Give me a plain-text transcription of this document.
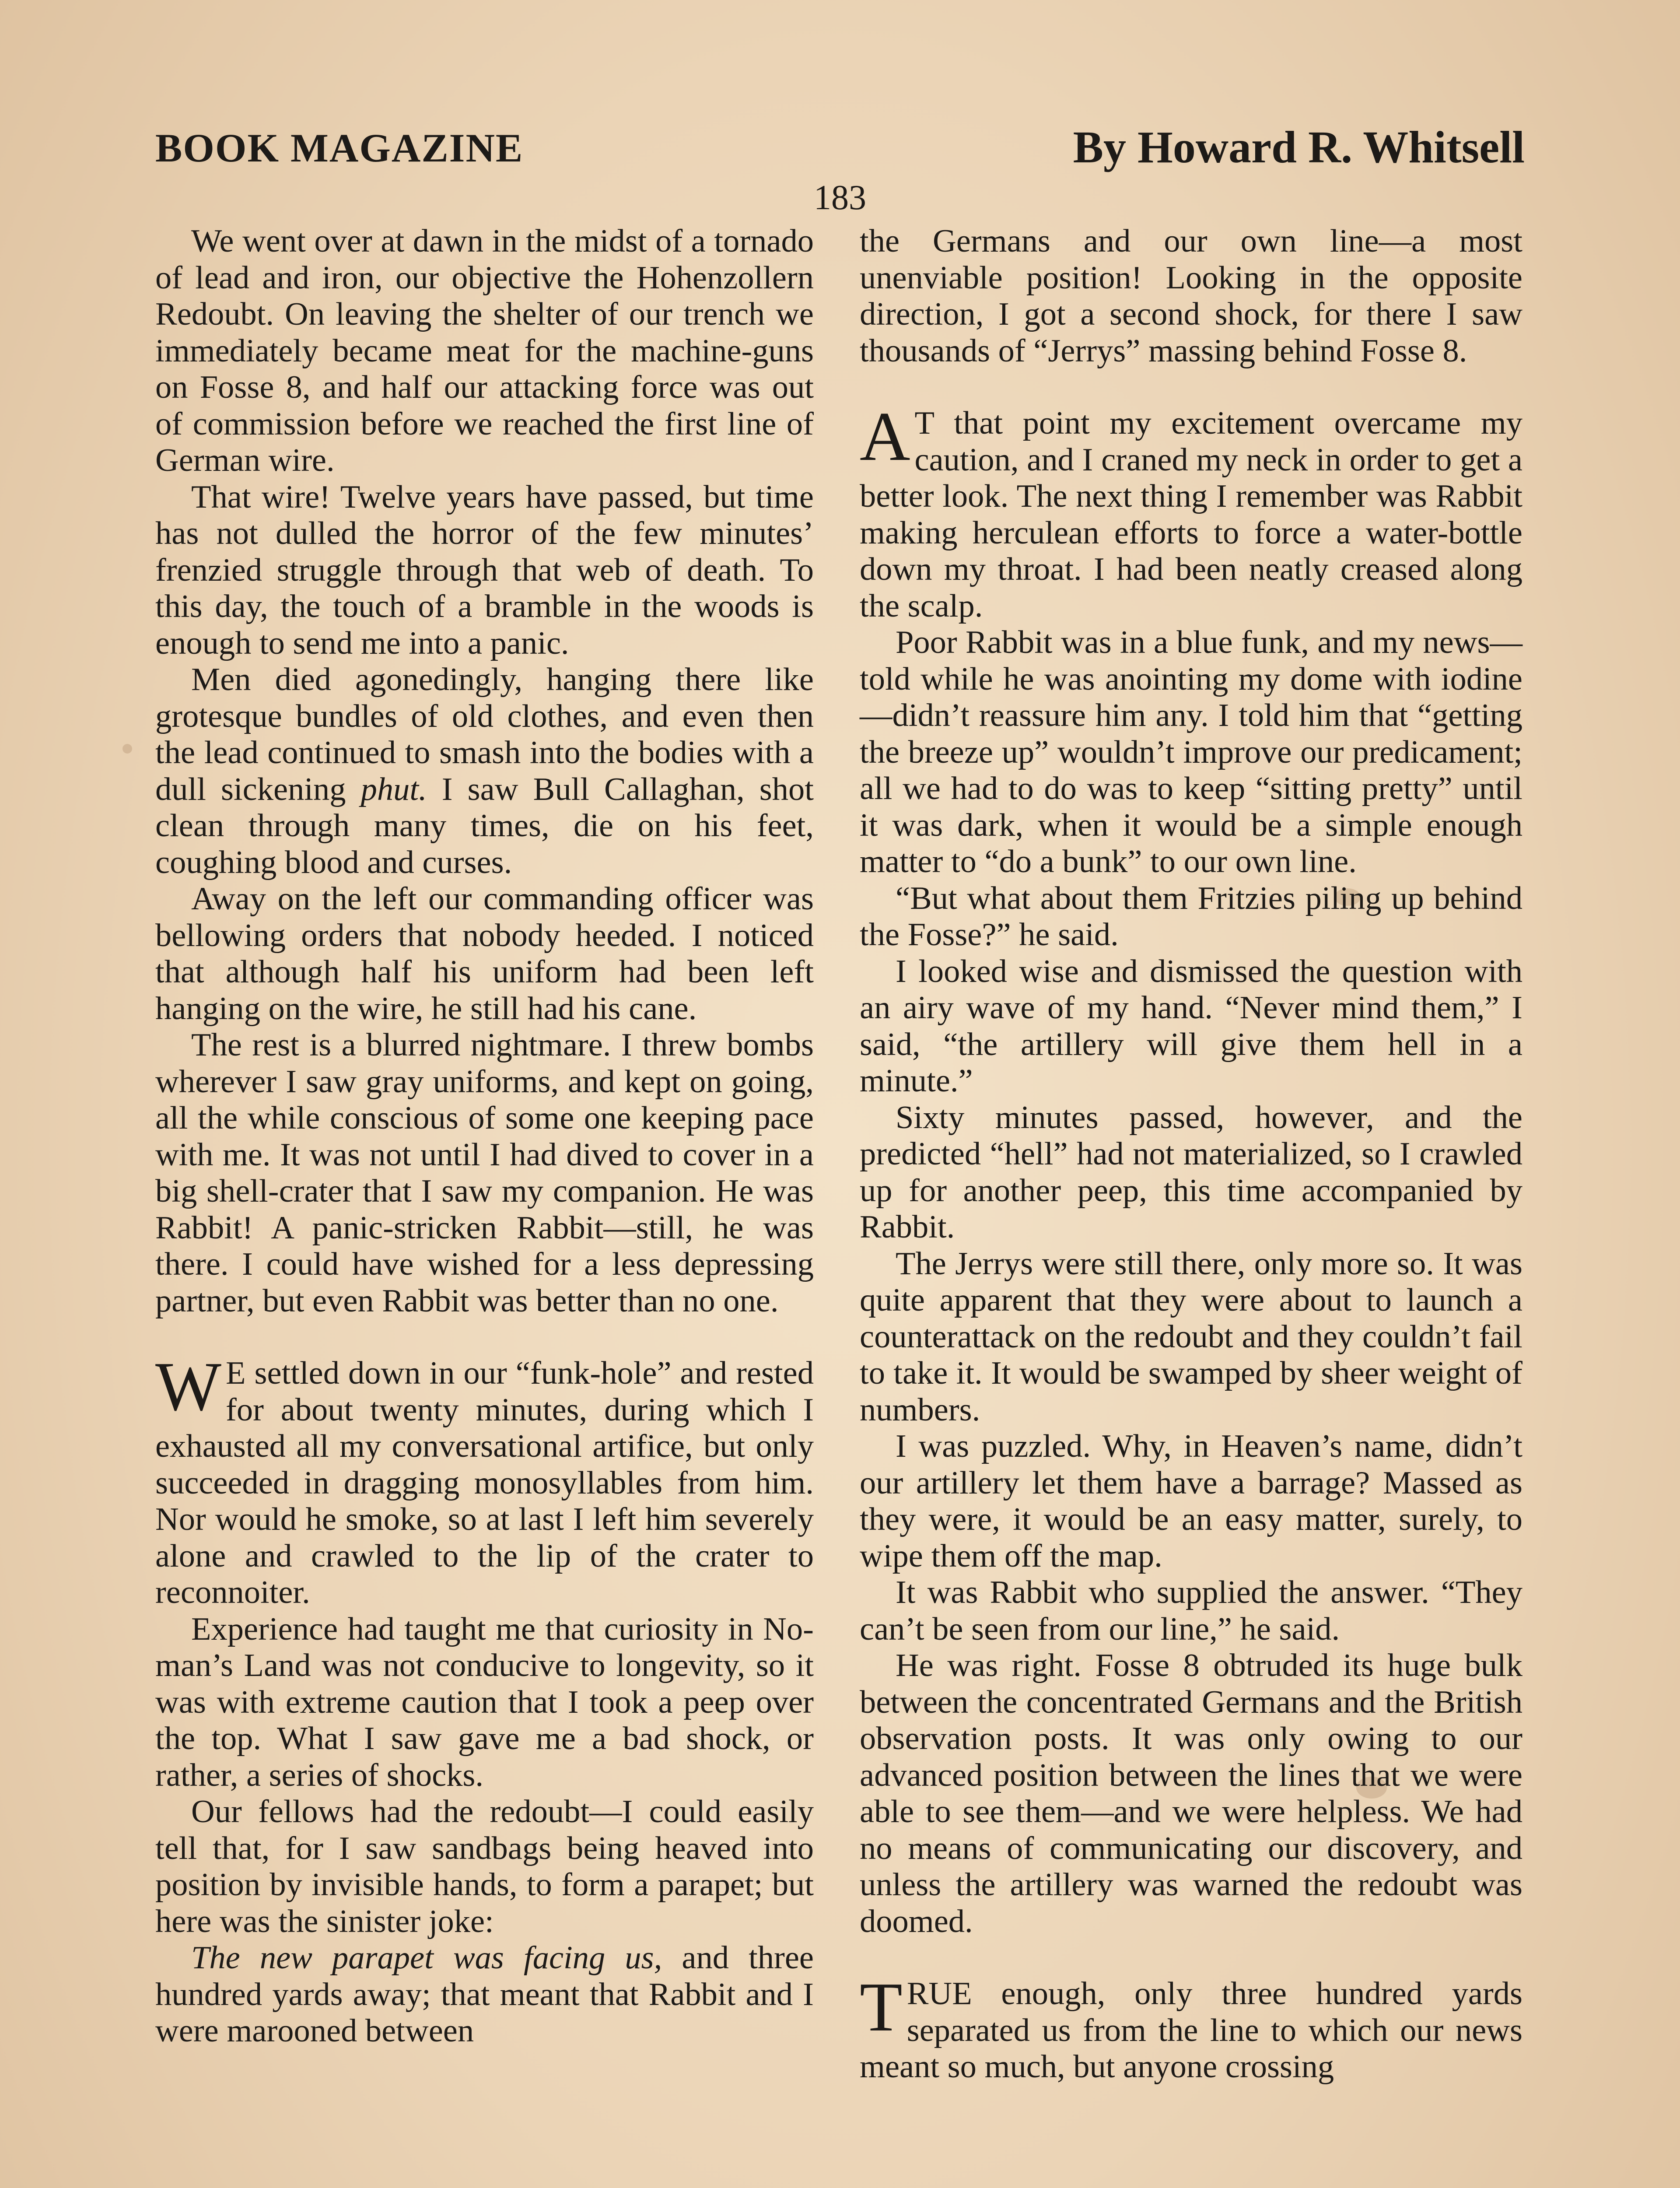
BOOK MAGAZINE	By Howard R. Whitsell
183

We went over at dawn in the midst of a tornado of lead and iron, our objective the Hohenzollern Redoubt. On leaving the shelter of our trench we immediately became meat for the machine-guns on Fosse 8, and half our attacking force was out of commission before we reached the first line of German wire.

That wire! Twelve years have passed, but time has not dulled the horror of the few minutes’ frenzied struggle through that web of death. To this day, the touch of a bramble in the woods is enough to send me into a panic.

Men died agonedingly, hanging there like grotesque bundles of old clothes, and even then the lead continued to smash into the bodies with a dull sickening phut. I saw Bull Callaghan, shot clean through many times, die on his feet, coughing blood and curses.

Away on the left our commanding officer was bellowing orders that nobody heeded. I noticed that although half his uniform had been left hanging on the wire, he still had his cane.

The rest is a blurred nightmare. I threw bombs wherever I saw gray uniforms, and kept on going, all the while conscious of some one keeping pace with me. It was not until I had dived to cover in a big shell-crater that I saw my companion. He was Rabbit! A panic-stricken Rabbit—still, he was there. I could have wished for a less depressing partner, but even Rabbit was better than no one.

W E settled down in our “funk-hole” and rested for about twenty minutes, during which I exhausted all my conversational artifice, but only succeeded in dragging monosyllables from him. Nor would he smoke, so at last I left him severely alone and crawled to the lip of the crater to reconnoiter.

Experience had taught me that curiosity in No-man’s Land was not conducive to longevity, so it was with extreme caution that I took a peep over the top. What I saw gave me a bad shock, or rather, a series of shocks.

Our fellows had the redoubt—I could easily tell that, for I saw sandbags being heaved into position by invisible hands, to form a parapet; but here was the sinister joke:

The new parapet was facing us, and three hundred yards away; that meant that Rabbit and I were marooned between

the Germans and our own line—a most unenviable position! Looking in the opposite direction, I got a second shock, for there I saw thousands of “Jerrys” massing behind Fosse 8.

A T that point my excitement overcame my caution, and I craned my neck in order to get a better look. The next thing I remember was Rabbit making herculean efforts to force a water-bottle down my throat. I had been neatly creased along the scalp.

Poor Rabbit was in a blue funk, and my news—told while he was anointing my dome with iodine—didn’t reassure him any. I told him that “getting the breeze up” wouldn’t improve our predicament; all we had to do was to keep “sitting pretty” until it was dark, when it would be a simple enough matter to “do a bunk” to our own line.

“But what about them Fritzies piling up behind the Fosse?” he said.

I looked wise and dismissed the question with an airy wave of my hand. “Never mind them,” I said, “the artillery will give them hell in a minute.”

Sixty minutes passed, however, and the predicted “hell” had not materialized, so I crawled up for another peep, this time accompanied by Rabbit.

The Jerrys were still there, only more so. It was quite apparent that they were about to launch a counterattack on the redoubt and they couldn’t fail to take it. It would be swamped by sheer weight of numbers.

I was puzzled. Why, in Heaven’s name, didn’t our artillery let them have a barrage? Massed as they were, it would be an easy matter, surely, to wipe them off the map.

It was Rabbit who supplied the answer. “They can’t be seen from our line,” he said.

He was right. Fosse 8 obtruded its huge bulk between the concentrated Germans and the British observation posts. It was only owing to our advanced position between the lines that we were able to see them—and we were helpless. We had no means of communicating our discovery, and unless the artillery was warned the redoubt was doomed.

TRUE enough, only three hundred yards separated us from the line to which our news meant so much, but anyone crossing
